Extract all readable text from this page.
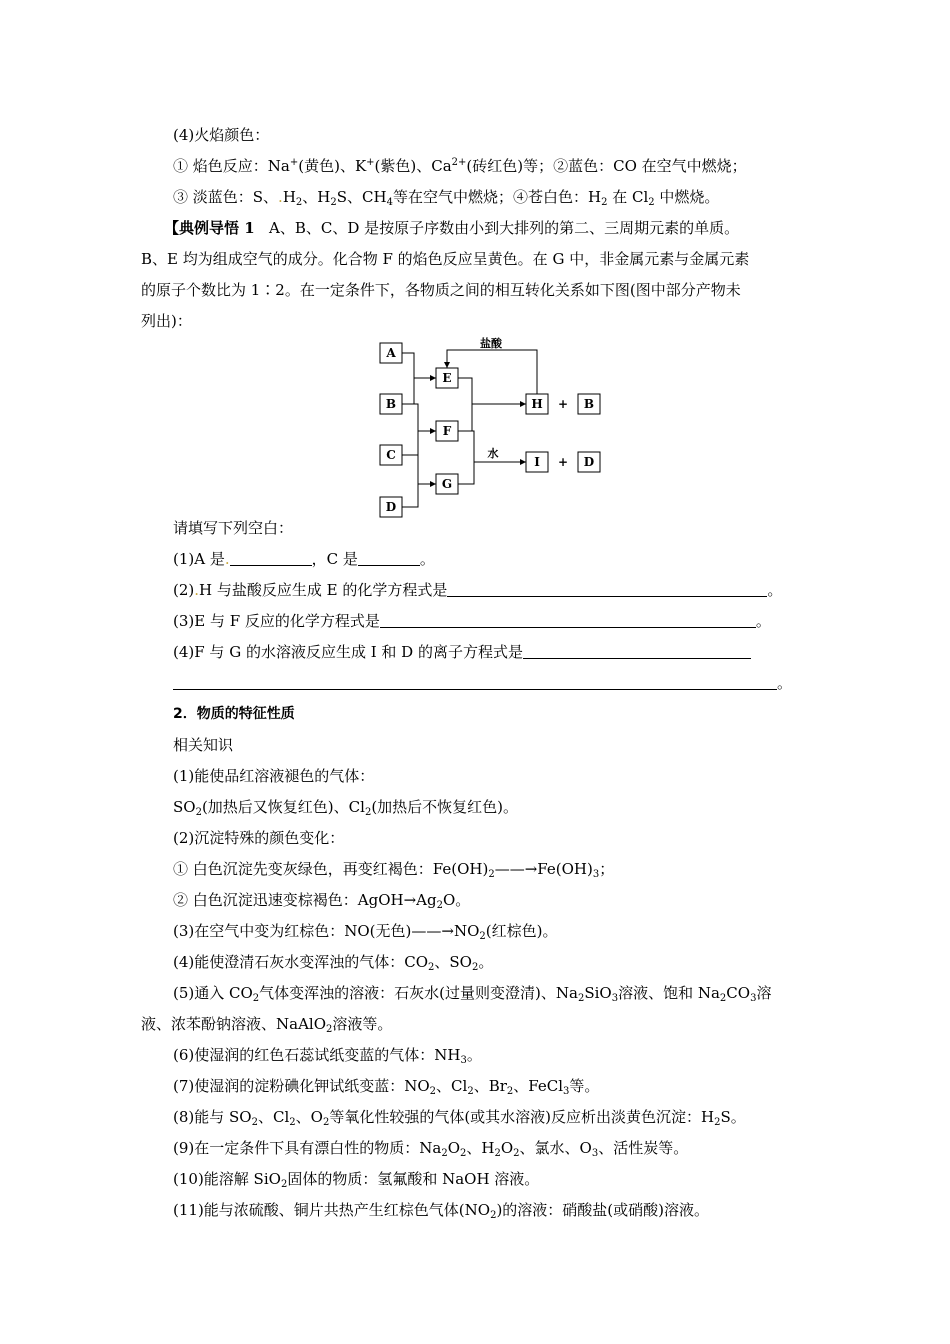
(4)火焰颜色：
① 焰色反应：Na+(黄色)、K+(紫色)、$Ca^{2+}$(砖红色)等；②蓝色：CO 在空气中燃烧；
③ 淡蓝色：S、$.H_2$、$H_2S$、$CH_4$等在空气中燃烧；④苍白色：$H_2$ 在 $Cl_2$ 中燃烧。
【典例导悟 1 A、B、C、D 是按原子序数由小到大排列的第二、三周期元素的单质。
B、E 均为组成空气的成分。化合物 F 的焰色反应呈黄色。在 G 中，非金属元素与金属元素
的原子个数比为 1∶2。在一定条件下，各物质之间的相互转化关系如下图(图中部分产物未
列出)：
A
B
C
D
E
F
G
H	B
I	D
+
+
盐酸
水
请填写下列空白：
(1)A 是.	，C 是	。
(2).H 与盐酸反应生成 E 的化学方程式是	。
(3)E 与 F 反应的化学方程式是	。
(4)F 与 G 的水溶液反应生成 I 和 D 的离子方程式是
。
2．物质的特征性质
相关知识
(1)能使品红溶液褪色的气体：
$SO_2$(加热后又恢复红色)、$Cl_2$(加热后不恢复红色)。
(2)沉淀特殊的颜色变化：
① 白色沉淀先变灰绿色，再变红褐色：$Fe(OH)_2——\to Fe(OH)_3$；
② 白色沉淀迅速变棕褐色：$AgOH\to Ag_2O$。
(3)在空气中变为红棕色：NO(无色)$——\to NO_2$(红棕色)。
(4)能使澄清石灰水变浑浊的气体：$CO_2$、$SO_2$。
(5)通入 $CO_2$气体变浑浊的溶液：石灰水(过量则变澄清)、$Na_2SiO_3$溶液、饱和 $Na_2CO_3$溶
液、浓苯酚钠溶液、NaAlO$_2$溶液等。
(6)使湿润的红色石蕊试纸变蓝的气体：$NH_3$。
(7)使湿润的淀粉碘化钾试纸变蓝：$NO_2$、$Cl_2$、$Br_2$、FeCl$_3$等。
(8)能与 $SO_2$、$Cl_2$、$O_2$等氧化性较强的气体(或其水溶液)反应析出淡黄色沉淀：$H_2S$。
(9)在一定条件下具有漂白性的物质：$Na_2O_2$、$H_2O_2$、氯水、$O_3$、活性炭等。
(10)能溶解 SiO$_2$固体的物质：氢氟酸和 NaOH 溶液。
(11)能与浓硫酸、铜片共热产生红棕色气体$(NO_2)$的溶液：硝酸盐(或硝酸)溶液。
